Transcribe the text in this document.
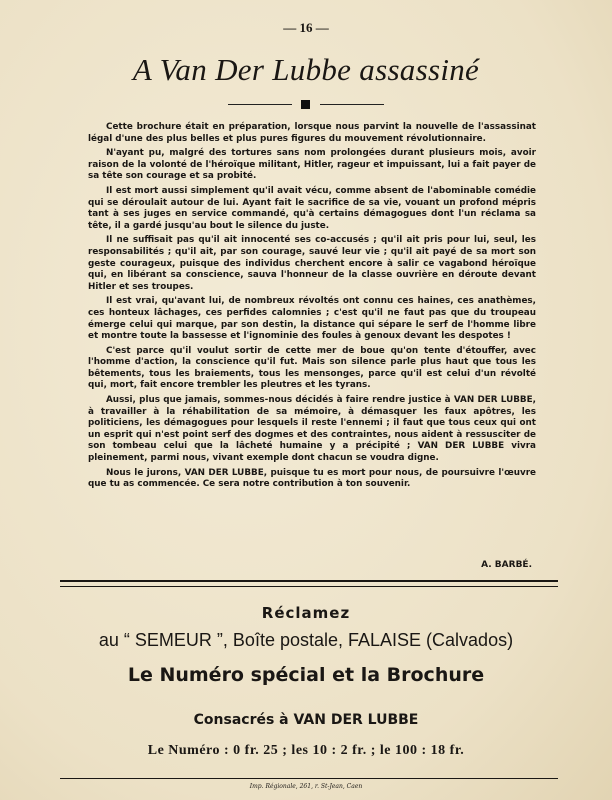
— 16 —
A Van Der Lubbe assassiné

Cette brochure était en préparation, lorsque nous parvint la nouvelle de l'assassinat légal d'une des plus belles et plus pures figures du mouvement révolutionnaire.

N'ayant pu, malgré des tortures sans nom prolongées durant plusieurs mois, avoir raison de la volonté de l'héroïque militant, Hitler, rageur et impuissant, lui a fait payer de sa tête son courage et sa probité.

Il est mort aussi simplement qu'il avait vécu, comme absent de l'abominable comédie qui se déroulait autour de lui. Ayant fait le sacrifice de sa vie, vouant un profond mépris tant à ses juges en service commandé, qu'à certains démagogues dont l'un réclama sa tête, il a gardé jusqu'au bout le silence du juste.

Il ne suffisait pas qu'il ait innocenté ses co-accusés ; qu'il ait pris pour lui, seul, les responsabilités ; qu'il ait, par son courage, sauvé leur vie ; qu'il ait payé de sa mort son geste courageux, puisque des individus cherchent encore à salir ce vagabond héroïque qui, en libérant sa conscience, sauva l'honneur de la classe ouvrière en déroute devant Hitler et ses troupes.

Il est vrai, qu'avant lui, de nombreux révoltés ont connu ces haines, ces anathèmes, ces honteux lâchages, ces perfides calomnies ; c'est qu'il ne faut pas que du troupeau émerge celui qui marque, par son destin, la distance qui sépare le serf de l'homme libre et montre toute la bassesse et l'ignominie des foules à genoux devant les despotes !

C'est parce qu'il voulut sortir de cette mer de boue qu'on tente d'étouffer, avec l'homme d'action, la conscience qu'il fut. Mais son silence parle plus haut que tous les bêtements, tous les braiements, tous les mensonges, parce qu'il est celui d'un révolté qui, mort, fait encore trembler les pleutres et les tyrans.

Aussi, plus que jamais, sommes-nous décidés à faire rendre justice à VAN DER LUBBE, à travailler à la réhabilitation de sa mémoire, à démasquer les faux apôtres, les politiciens, les démagogues pour lesquels il reste l'ennemi ; il faut que tous ceux qui ont un esprit qui n'est point serf des dogmes et des contraintes, nous aident à ressusciter de son tombeau celui que la lâcheté humaine y a précipité ; VAN DER LUBBE vivra pleinement, parmi nous, vivant exemple dont chacun se voudra digne.

Nous le jurons, VAN DER LUBBE, puisque tu es mort pour nous, de poursuivre l'œuvre que tu as commencée. Ce sera notre contribution à ton souvenir.

A. BARBÉ.
Réclamez
au “ SEMEUR ”, Boîte postale, FALAISE (Calvados)
Le Numéro spécial et la Brochure
Consacrés à VAN DER LUBBE
Le Numéro : 0 fr. 25 ; les 10 : 2 fr. ; le 100 : 18 fr.
Imp. Régionale, 261, r. St-Jean, Caen
